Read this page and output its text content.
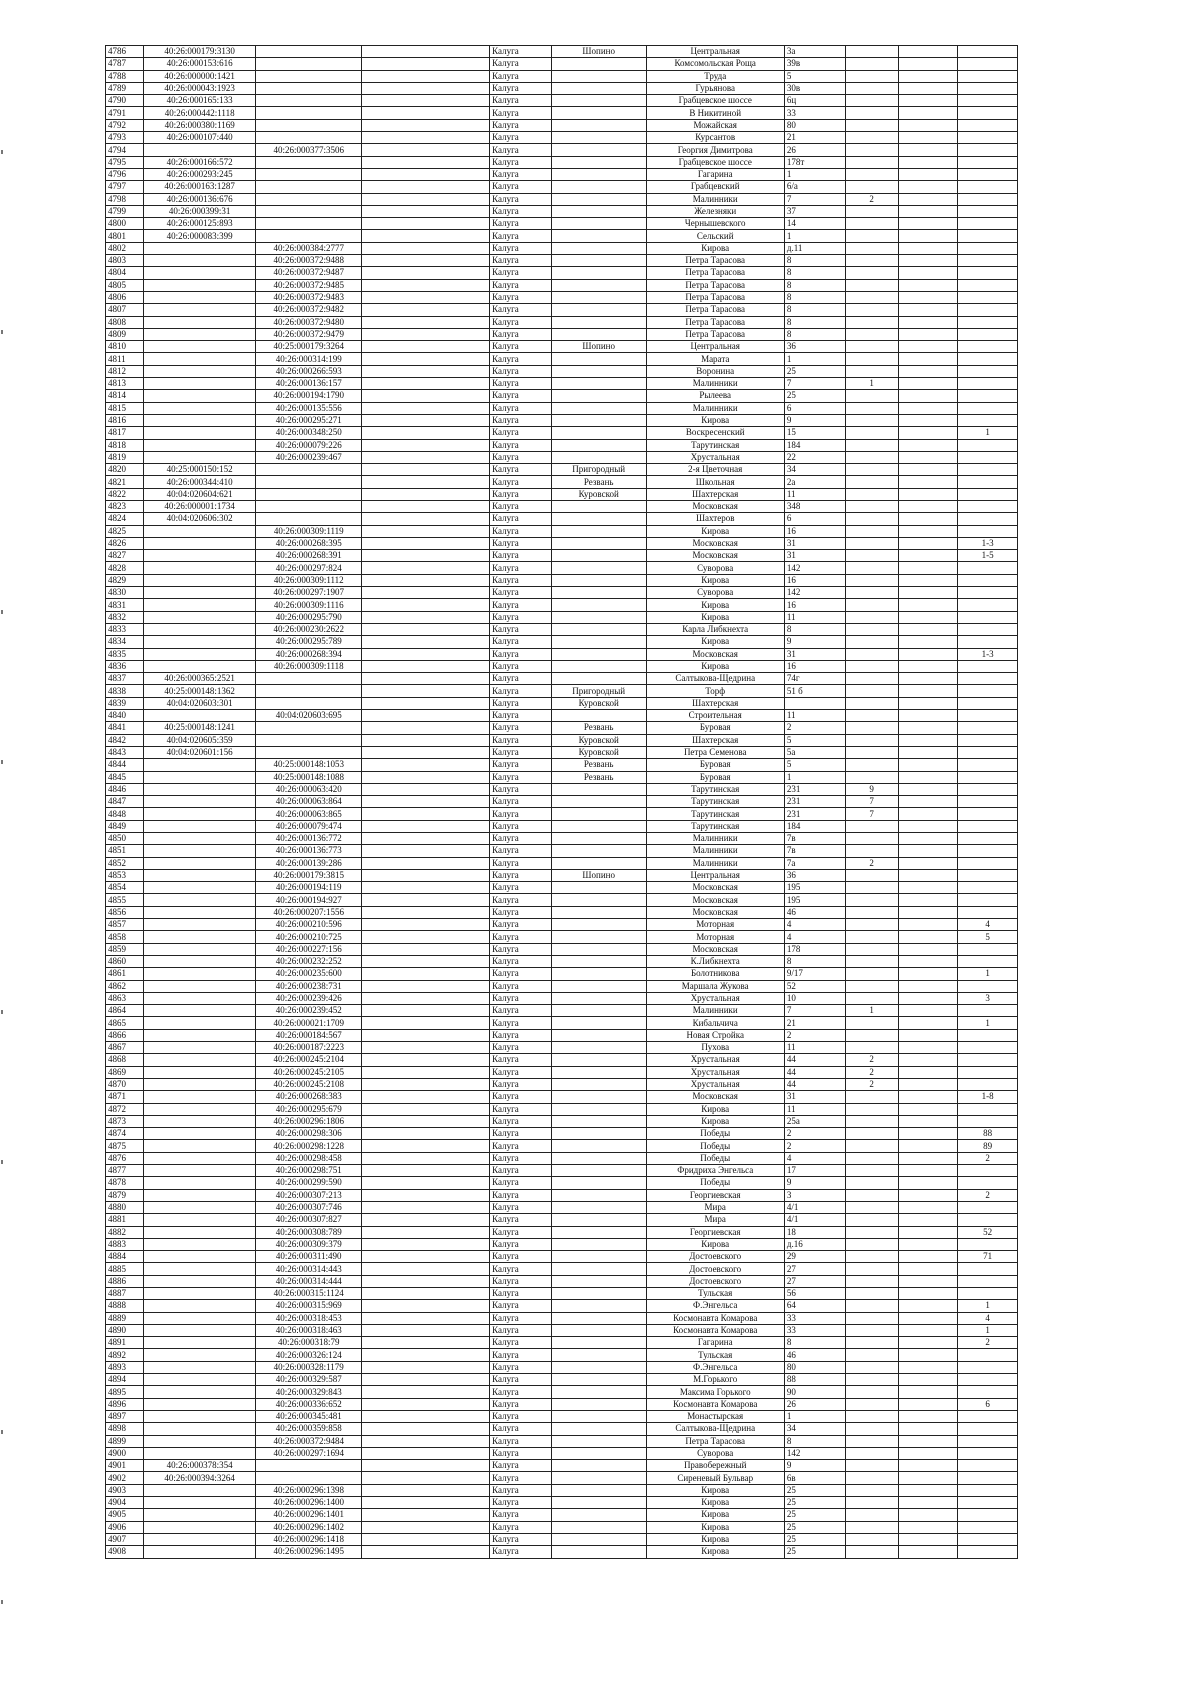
4786	40:26:000179:3130			Калуга	Шопино	Центральная	3а			
4787	40:26:000153:616			Калуга		Комсомольская Роща	39в			
4788	40:26:000000:1421			Калуга		Труда	5			
4789	40:26:000043:1923			Калуга		Гурьянова	30в			
4790	40:26:000165:133			Калуга		Грабцевское шоссе	6ц			
4791	40:26:000442:1118			Калуга		В Никитиной	33			
4792	40:26:000380:1169			Калуга		Можайская	80			
4793	40:26:000107:440			Калуга		Курсантов	21			
4794		40:26:000377:3506		Калуга		Георгия Димитрова	26			
4795	40:26:000166:572			Калуга		Грабцевское шоссе	178т			
4796	40:26:000293:245			Калуга		Гагарина	1			
4797	40:26:000163:1287			Калуга		Грабцевский	6/а			
4798	40:26:000136:676			Калуга		Малинники	7	2		
4799	40:26:000399:31			Калуга		Железняки	37			
4800	40:26:000125:893			Калуга		Чернышевского	14			
4801	40:26:000083:399			Калуга		Сельский	1			
4802		40:26:000384:2777		Калуга		Кирова	д.11			
4803		40:26:000372:9488		Калуга		Петра Тарасова	8			
4804		40:26:000372:9487		Калуга		Петра Тарасова	8			
4805		40:26:000372:9485		Калуга		Петра Тарасова	8			
4806		40:26:000372:9483		Калуга		Петра Тарасова	8			
4807		40:26:000372:9482		Калуга		Петра Тарасова	8			
4808		40:26:000372:9480		Калуга		Петра Тарасова	8			
4809		40:26:000372:9479		Калуга		Петра Тарасова	8			
4810		40:25:000179:3264		Калуга	Шопино	Центральная	36			
4811		40:26:000314:199		Калуга		Марата	1			
4812		40:26:000266:593		Калуга		Воронина	25			
4813		40:26:000136:157		Калуга		Малинники	7	1		
4814		40:26:000194:1790		Калуга		Рылеева	25			
4815		40:26:000135:556		Калуга		Малинники	6			
4816		40:26:000295:271		Калуга		Кирова	9			
4817		40:26:000348:250		Калуга		Воскресенский	15			1
4818		40:26:000079:226		Калуга		Тарутинская	184			
4819		40:26:000239:467		Калуга		Хрустальная	22			
4820	40:25:000150:152			Калуга	Пригородный	2-я Цветочная	34			
4821	40:26:000344:410			Калуга	Резвань	Школьная	2а			
4822	40:04:020604:621			Калуга	Куровской	Шахтерская	11			
4823	40:26:000001:1734			Калуга		Московская	348			
4824	40:04:020606:302			Калуга		Шахтеров	6			
4825		40:26:000309:1119		Калуга		Кирова	16			
4826		40:26:000268:395		Калуга		Московская	31			1-3
4827		40:26:000268:391		Калуга		Московская	31			1-5
4828		40:26:000297:824		Калуга		Суворова	142			
4829		40:26:000309:1112		Калуга		Кирова	16			
4830		40:26:000297:1907		Калуга		Суворова	142			
4831		40:26:000309:1116		Калуга		Кирова	16			
4832		40:26:000295:790		Калуга		Кирова	11			
4833		40:26:000230:2622		Калуга		Карла Либкнехта	8			
4834		40:26:000295:789		Калуга		Кирова	9			
4835		40:26:000268:394		Калуга		Московская	31			1-3
4836		40:26:000309:1118		Калуга		Кирова	16			
4837	40:26:000365:2521			Калуга		Салтыкова-Щедрина	74г			
4838	40:25:000148:1362			Калуга	Пригородный	Торф	51 б			
4839	40:04:020603:301			Калуга	Куровской	Шахтерская				
4840		40:04:020603:695		Калуга		Строительная	11			
4841	40:25:000148:1241			Калуга	Резвань	Буровая	2			
4842	40:04:020605:359			Калуга	Куровской	Шахтерская	5			
4843	40:04:020601:156			Калуга	Куровской	Петра Семенова	5а			
4844		40:25:000148:1053		Калуга	Резвань	Буровая	5			
4845		40:25:000148:1088		Калуга	Резвань	Буровая	1			
4846		40:26:000063:420		Калуга		Тарутинская	231	9		
4847		40:26:000063:864		Калуга		Тарутинская	231	7		
4848		40:26:000063:865		Калуга		Тарутинская	231	7		
4849		40:26:000079:474		Калуга		Тарутинская	184			
4850		40:26:000136:772		Калуга		Малинники	7в			
4851		40:26:000136:773		Калуга		Малинники	7в			
4852		40:26:000139:286		Калуга		Малинники	7а	2		
4853		40:26:000179:3815		Калуга	Шопино	Центральная	36			
4854		40:26:000194:119		Калуга		Московская	195			
4855		40:26:000194:927		Калуга		Московская	195			
4856		40:26:000207:1556		Калуга		Московская	46			
4857		40:26:000210:596		Калуга		Моторная	4			4
4858		40:26:000210:725		Калуга		Моторная	4			5
4859		40:26:000227:156		Калуга		Московская	178			
4860		40:26:000232:252		Калуга		К.Либкнехта	8			
4861		40:26:000235:600		Калуга		Болотникова	9/17			1
4862		40:26:000238:731		Калуга		Маршала Жукова	52			
4863		40:26:000239:426		Калуга		Хрустальная	10			3
4864		40:26:000239:452		Калуга		Малинники	7	1		
4865		40:26:000021:1709		Калуга		Кибальчича	21			1
4866		40:26:000184:567		Калуга		Новая Стройка	2			
4867		40:26:000187:2223		Калуга		Пухова	11			
4868		40:26:000245:2104		Калуга		Хрустальная	44	2		
4869		40:26:000245:2105		Калуга		Хрустальная	44	2		
4870		40:26:000245:2108		Калуга		Хрустальная	44	2		
4871		40:26:000268:383		Калуга		Московская	31			1-8
4872		40:26:000295:679		Калуга		Кирова	11			
4873		40:26:000296:1806		Калуга		Кирова	25а			
4874		40:26:000298:306		Калуга		Победы	2			88
4875		40:26:000298:1228		Калуга		Победы	2			89
4876		40:26:000298:458		Калуга		Победы	4			2
4877		40:26:000298:751		Калуга		Фридриха Энгельса	17			
4878		40:26:000299:590		Калуга		Победы	9			
4879		40:26:000307:213		Калуга		Георгиевская	3			2
4880		40:26:000307:746		Калуга		Мира	4/1			
4881		40:26:000307:827		Калуга		Мира	4/1			
4882		40:26:000308:789		Калуга		Георгиевская	18			52
4883		40:26:000309:379		Калуга		Кирова	д.16			
4884		40:26:000311:490		Калуга		Достоевского	29			71
4885		40:26:000314:443		Калуга		Достоевского	27			
4886		40:26:000314:444		Калуга		Достоевского	27			
4887		40:26:000315:1124		Калуга		Тульская	56			
4888		40:26:000315:969		Калуга		Ф.Энгельса	64			1
4889		40:26:000318:453		Калуга		Космонавта Комарова	33			4
4890		40:26:000318:463		Калуга		Космонавта Комарова	33			1
4891		40:26:000318:79		Калуга		Гагарина	8			2
4892		40:26:000326:124		Калуга		Тульская	46			
4893		40:26:000328:1179		Калуга		Ф.Энгельса	80			
4894		40:26:000329:587		Калуга		М.Горького	88			
4895		40:26:000329:843		Калуга		Максима Горького	90			
4896		40:26:000336:652		Калуга		Космонавта Комарова	26			6
4897		40:26:000345:481		Калуга		Монастырская	1			
4898		40:26:000359:858		Калуга		Салтыкова-Щедрина	34			
4899		40:26:000372:9484		Калуга		Петра Тарасова	8			
4900		40:26:000297:1694		Калуга		Суворова	142			
4901	40:26:000378:354			Калуга		Правобережный	9			
4902	40:26:000394:3264			Калуга		Сиреневый Бульвар	6в			
4903		40:26:000296:1398		Калуга		Кирова	25			
4904		40:26:000296:1400		Калуга		Кирова	25			
4905		40:26:000296:1401		Калуга		Кирова	25			
4906		40:26:000296:1402		Калуга		Кирова	25			
4907		40:26:000296:1418		Калуга		Кирова	25			
4908		40:26:000296:1495		Калуга		Кирова	25			
